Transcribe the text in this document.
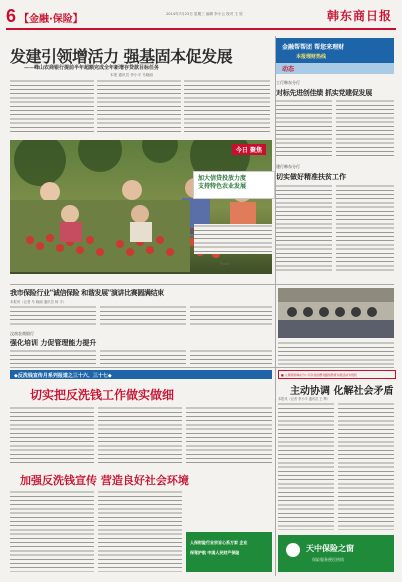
6 【金融·保险】	2014年7月23日 星期三 编辑 李小云 校对 王 欣	韩东商日报
金融帮帮团 帮您来理财
本报理财热线
动态
发建引领增活力 强基固本促发展
——峰山农商银行提前半年超额完成全年新增存贷款目标任务
本报 通讯员 李小平 马晓丽
今日 聚焦
加大信贷投放力度
支持特色农业发展
Photo
工行韩东分行
对标先进创佳绩 抓实党建促发展
建行韩东分行
切实做好精准扶贫工作
我市保险行业"诚信保险 和谐发展"演讲比赛圆满结束
本报讯（记者 马 晓丽 通讯员 杨 宇）
汶南农商银行
强化培训 力促管理能力提升
◆反洗钱宣传月系列报道之三十六、三十七◆
切实把反洗钱工作做实做细
加强反洗钱宣传 营造良好社会环境
人保财险行业宗旨心系万家 企业
保驾护航 中国人民财产保险
■ 人保财险韩东分公司以党的群众路线教育实践活动为契机
主动协调 化解社会矛盾
本报讯（记者 李小平 通讯员 王 辉）
天中保险之窗
保险服务便民热线
